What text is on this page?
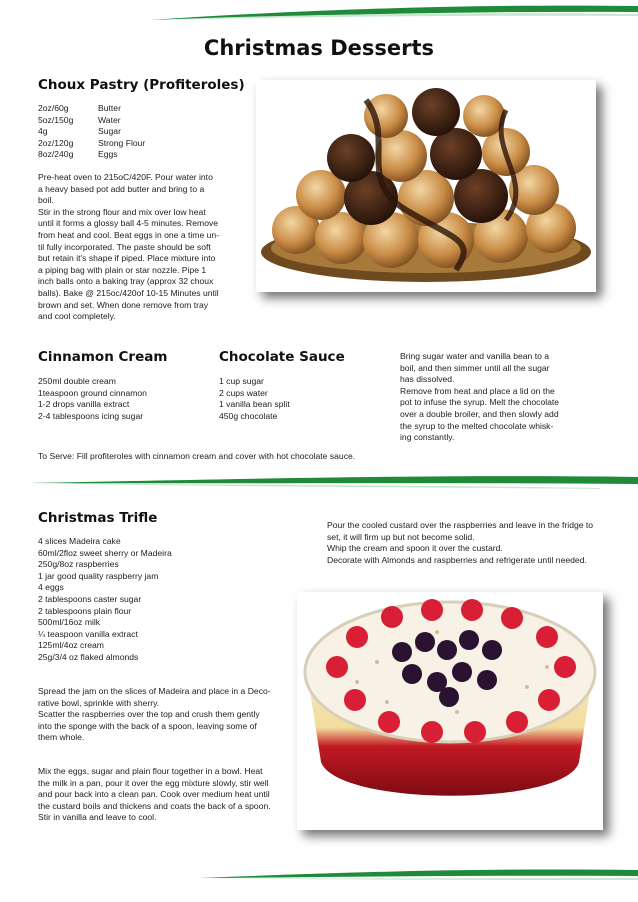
Christmas Desserts
Choux Pastry (Profiteroles)
2oz/60g	Butter
5oz/150g	Water
4g	Sugar
2oz/120g	Strong Flour
8oz/240g	Eggs
Pre-heat oven to 215oC/420F. Pour water into
a heavy based pot add butter and bring to a
boil.
Stir in the strong flour and mix over low heat
until it forms a glossy ball 4-5 minutes. Remove
from heat and cool. Beat eggs in one a time un-
til fully incorporated. The paste should be soft
but retain it's shape if piped. Place mixture into
a piping bag with plain or star nozzle. Pipe 1
inch balls onto a baking tray (approx 32 choux
balls). Bake @ 215oc/420of 10-15 Minutes until
brown and set. When done remove from tray
and cool completely.
Cinnamon Cream
250ml double cream
1teaspoon ground cinnamon
1-2 drops vanilla extract
2-4 tablespoons icing sugar
Chocolate Sauce
1 cup sugar
2 cups water
1 vanilla bean split
450g chocolate
Bring sugar water and vanilla bean to a
boil, and then simmer until all the sugar
has dissolved.
Remove from heat and place a lid on the
pot to infuse the syrup. Melt the chocolate
over a double broiler, and then slowly add
the syrup to the melted chocolate whisk-
ing constantly.
To Serve: Fill profiteroles with cinnamon cream and cover with hot chocolate sauce.
Christmas Trifle
4 slices Madeira cake
60ml/2floz sweet sherry or Madeira
250g/8oz raspberries
1 jar good quality raspberry jam
4 eggs
2 tablespoons caster sugar
2 tablespoons plain flour
500ml/16oz milk
¼ teaspoon vanilla extract
125ml/4oz cream
25g/3/4 oz flaked almonds
Spread the jam on the slices of Madeira and place in a Deco-
rative bowl, sprinkle with sherry.
Scatter the raspberries over the top and crush them gently
into the sponge with the back of a spoon, leaving some of
them whole.
Mix the eggs, sugar and plain flour together in a bowl. Heat
the milk in a pan, pour it over the egg mixture slowly, stir well
and pour back into a clean pan. Cook over medium heat until
the custard boils and thickens and coats the back of a spoon.
Stir in vanilla and leave to cool.
Pour the cooled custard over the raspberries and leave in the fridge to
set, it will firm up but not become solid.
Whip the cream and spoon it over the custard.
Decorate with Almonds and raspberries and refrigerate until needed.
